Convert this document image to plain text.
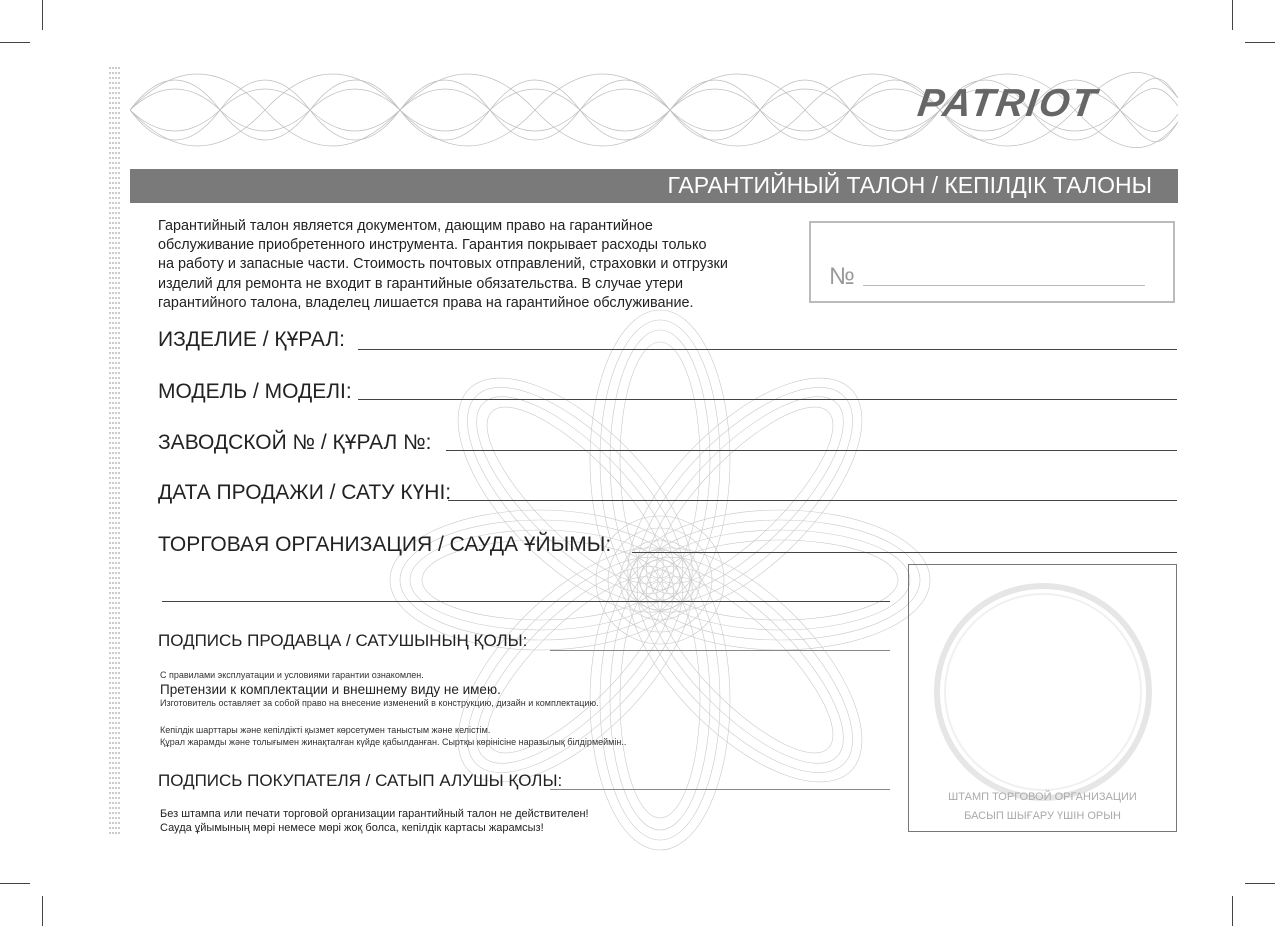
PATRIOT
ГАРАНТИЙНЫЙ ТАЛОН / КЕПІЛДІК ТАЛОНЫ
Гарантийный талон является документом, дающим право на гарантийное
обслуживание приобретенного инструмента. Гарантия покрывает расходы только
на работу и запасные части. Стоимость почтовых отправлений, страховки и отгрузки
изделий для ремонта не входит в гарантийные обязательства. В случае утери
гарантийного талона, владелец лишается права на гарантийное обслуживание.
№
ИЗДЕЛИЕ / ҚҰРАЛ:
МОДЕЛЬ / МОДЕЛІ:
ЗАВОДСКОЙ № / ҚҰРАЛ №:
ДАТА ПРОДАЖИ / САТУ КҮНІ:
ТОРГОВАЯ ОРГАНИЗАЦИЯ / САУДА ҰЙЫМЫ:
ПОДПИСЬ ПРОДАВЦА / САТУШЫНЫҢ ҚОЛЫ:
С правилами эксплуатации и условиями гарантии ознакомлен.
Претензии к комплектации и внешнему виду не имею.
Изготовитель оставляет за собой право на внесение изменений в конструкцию, дизайн и комплектацию.
Кепілдік шарттары және кепілдікті қызмет көрсетумен таныстым және келістім.
Құрал жарамды және толығымен жинақталған күйде қабылданған. Сыртқы көрінісіне наразылық білдірмеймін..
ПОДПИСЬ ПОКУПАТЕЛЯ / САТЫП АЛУШЫ ҚОЛЫ:
Без штампа или печати торговой организации гарантийный талон не действителен!
Сауда ұйымының мөрі немесе мөрі жоқ болса, кепілдік картасы жарамсыз!
ШТАМП ТОРГОВОЙ ОРГАНИЗАЦИИ
БАСЫП ШЫҒАРУ ҮШІН ОРЫН
